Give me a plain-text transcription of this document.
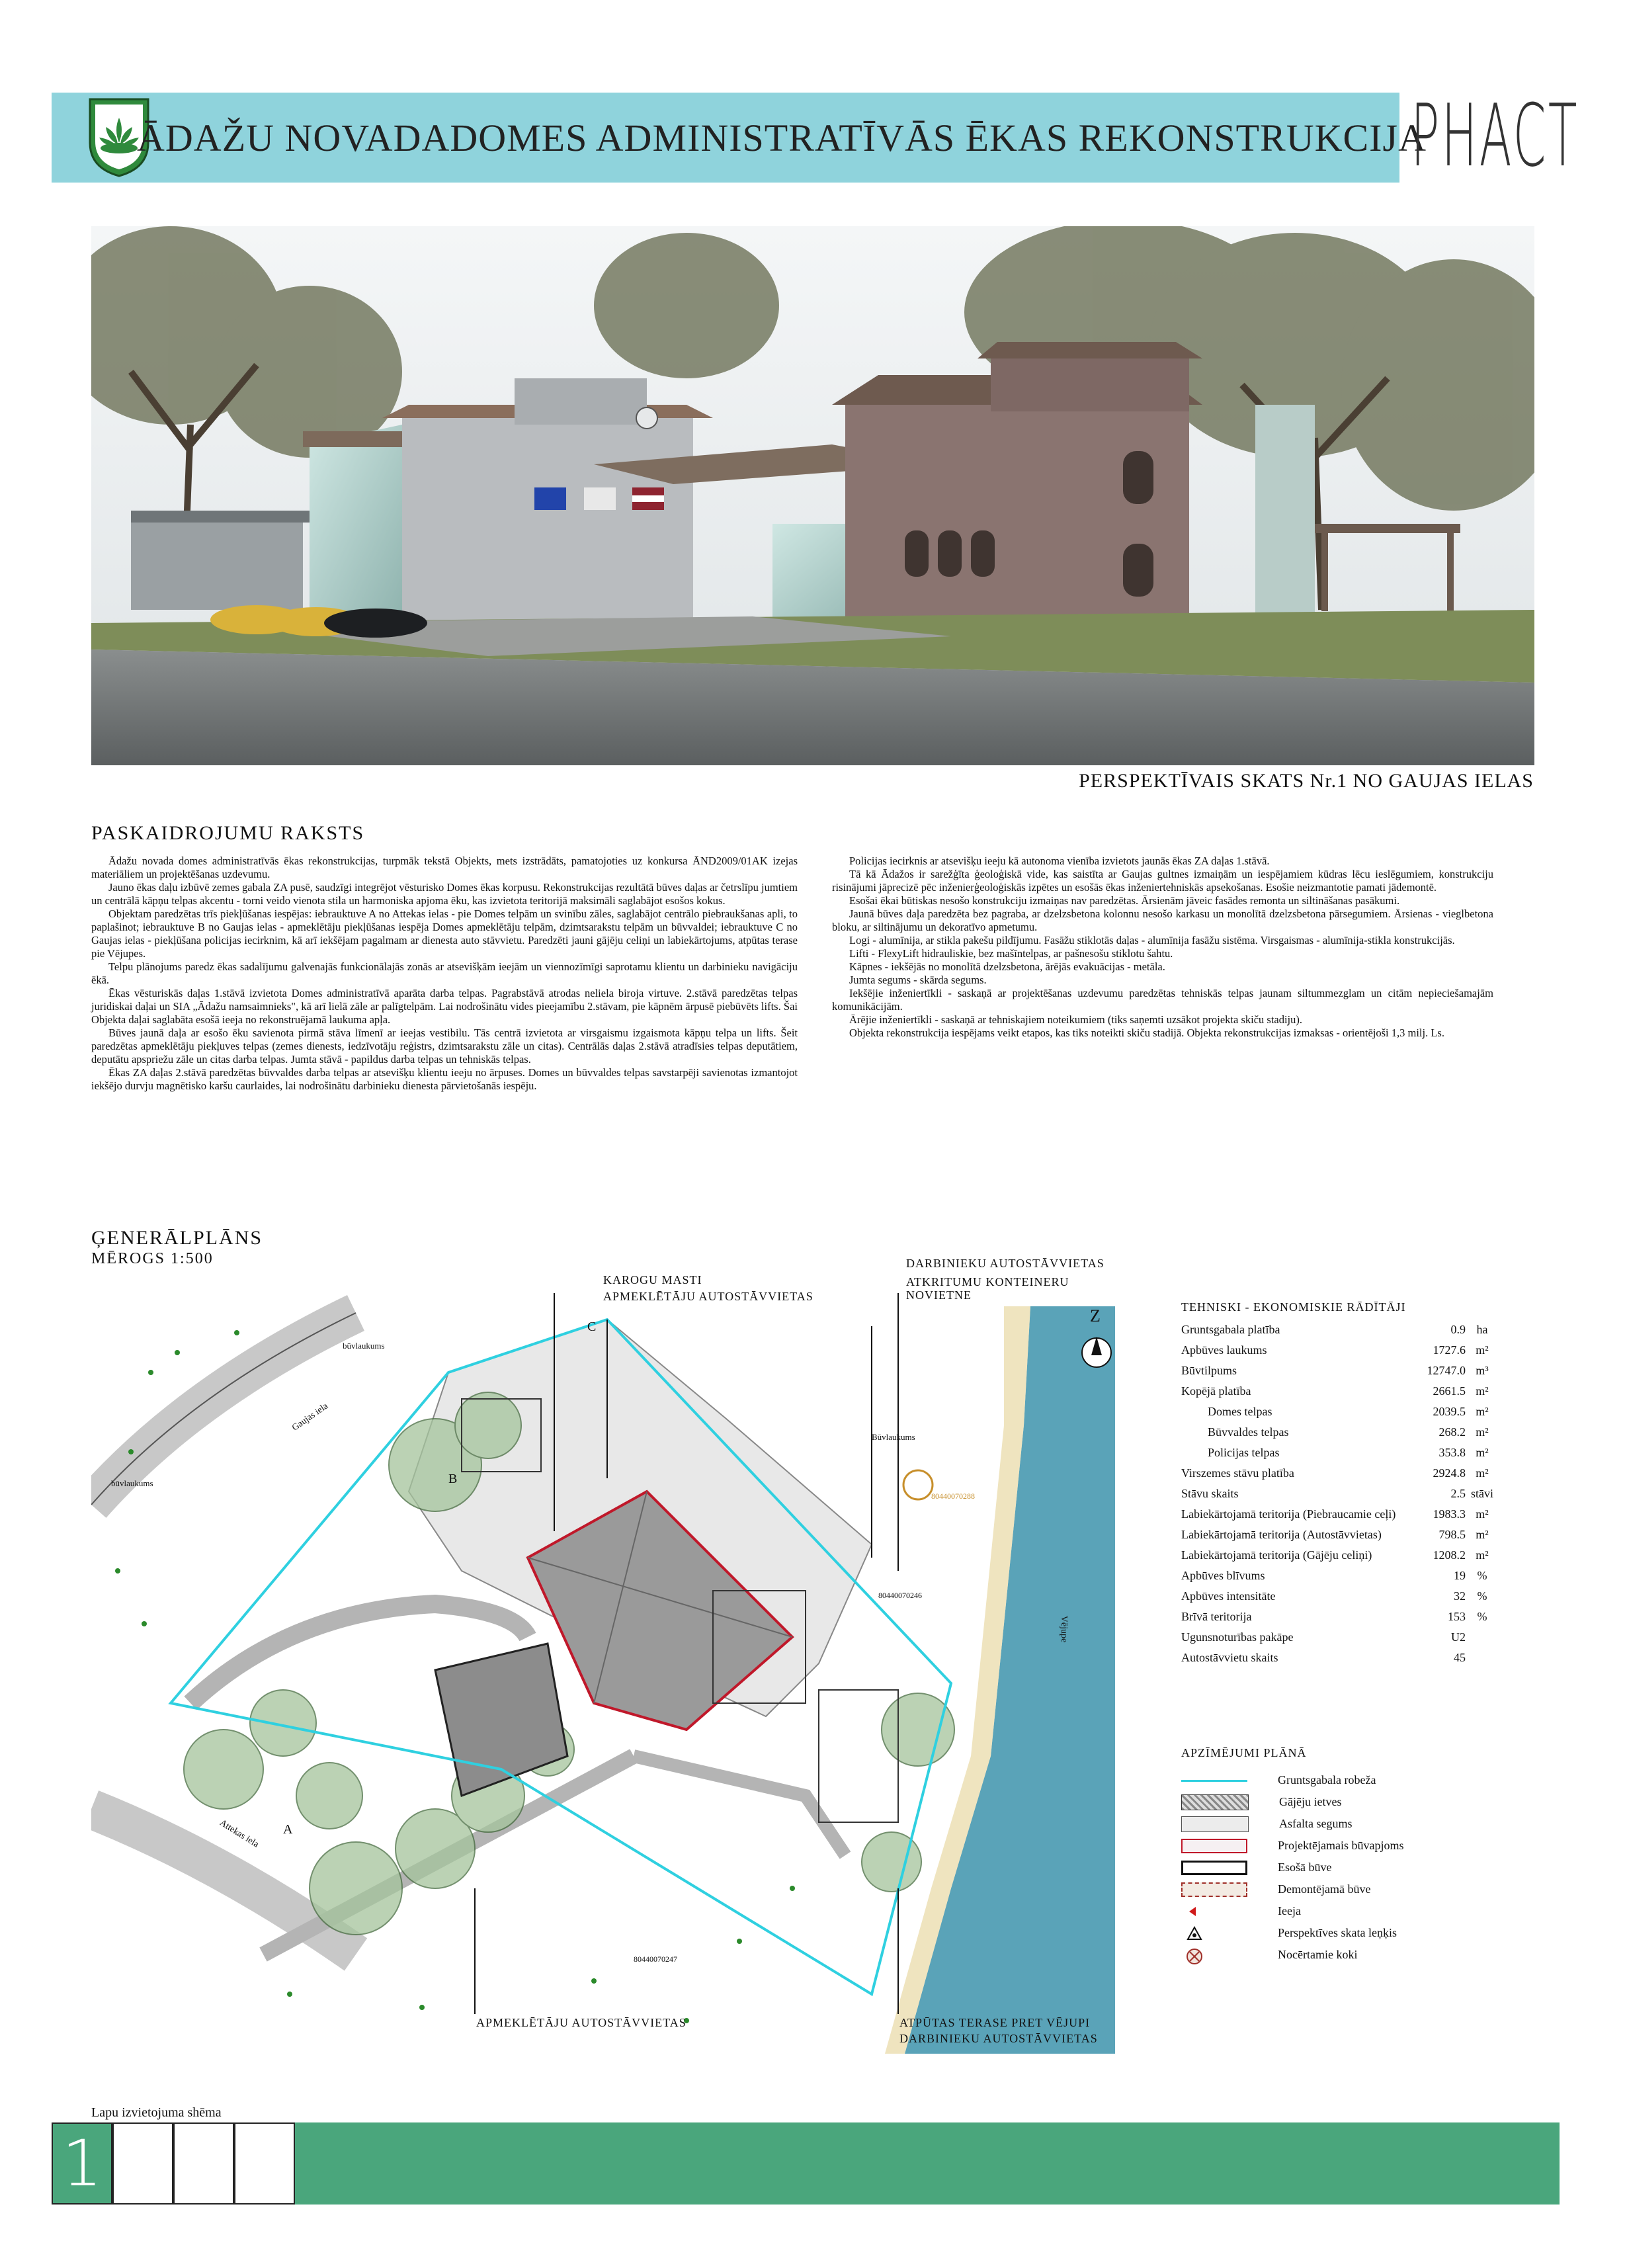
ĀDAŽU NOVADADOMES ADMINISTRATĪVĀS ĒKAS REKONSTRUKCIJA
PHACT
PERSPEKTĪVAIS SKATS Nr.1 NO GAUJAS IELAS
PASKAIDROJUMU RAKSTS

Ādažu novada domes administratīvās ēkas rekonstrukcijas, turpmāk tekstā Objekts, mets izstrādāts, pamatojoties uz konkursa ĀND2009/01AK izejas materiāliem un projektēšanas uzdevumu.

Jauno ēkas daļu izbūvē zemes gabala ZA pusē, saudzīgi integrējot vēsturisko Domes ēkas korpusu. Rekonstrukcijas rezultātā būves daļas ar četrslīpu jumtiem un centrālā kāpņu telpas akcentu - torni veido vienota stila un harmoniska apjoma ēku, kas izvietota teritorijā maksimāli saglabājot esošos kokus.

Objektam paredzētas trīs piekļūšanas iespējas: iebrauktuve A no Attekas ielas - pie Domes telpām un svinību zāles, saglabājot centrālo piebraukšanas apli, to paplašinot; iebrauktuve B no Gaujas ielas - apmeklētāju piekļūšanas iespēja Domes apmeklētāju telpām, dzimtsarakstu telpām un būvvaldei; iebrauktuve C no Gaujas ielas - piekļūšana policijas iecirknim, kā arī iekšējam pagalmam ar dienesta auto stāvvietu. Paredzēti jauni gājēju celiņi un labiekārtojums, atpūtas terase pie Vējupes.

Telpu plānojums paredz ēkas sadalījumu galvenajās funkcionālajās zonās ar atsevišķām ieejām un viennozīmīgi saprotamu klientu un darbinieku navigāciju ēkā.

Ēkas vēsturiskās daļas 1.stāvā izvietota Domes administratīvā aparāta darba telpas. Pagrabstāvā atrodas neliela biroja virtuve. 2.stāvā paredzētas telpas juridiskai daļai un SIA „Ādažu namsaimnieks", kā arī lielā zāle ar palīgtelpām. Lai nodrošinātu vides pieejamību 2.stāvam, pie kāpnēm ārpusē piebūvēts lifts. Šai Objekta daļai saglabāta esošā ieeja no rekonstruējamā laukuma apļa.

Būves jaunā daļa ar esošo ēku savienota pirmā stāva līmenī ar ieejas vestibilu. Tās centrā izvietota ar virsgaismu izgaismota kāpņu telpa un lifts. Šeit paredzētas apmeklētāju piekļuves telpas (zemes dienests, iedzīvotāju reģistrs, dzimtsarakstu zāle un citas). Centrālās daļas 2.stāvā atradīsies telpas deputātiem, deputātu apspriežu zāle un citas darba telpas. Jumta stāvā - papildus darba telpas un tehniskās telpas.

Ēkas ZA daļas 2.stāvā paredzētas būvvaldes darba telpas ar atsevišķu klientu ieeju no ārpuses. Domes un būvvaldes telpas savstarpēji savienotas izmantojot iekšējo durvju magnētisko karšu caurlaides, lai nodrošinātu darbinieku dienesta pārvietošanās iespēju.

Policijas iecirknis ar atsevišķu ieeju kā autonoma vienība izvietots jaunās ēkas ZA daļas 1.stāvā.

Tā kā Ādažos ir sarežģīta ģeoloģiskā vide, kas saistīta ar Gaujas gultnes izmaiņām un iespējamiem kūdras lēcu ieslēgumiem, konstrukciju risinājumi jāprecizē pēc inženierģeoloģiskās izpētes un esošās ēkas inženiertehniskās apsekošanas. Esošie neizmantotie pamati jādemontē.

Esošai ēkai būtiskas nesošo konstrukciju izmaiņas nav paredzētas. Ārsienām jāveic fasādes remonta un siltināšanas pasākumi.

Jaunā būves daļa paredzēta bez pagraba, ar dzelzsbetona kolonnu nesošo karkasu un monolītā dzelzsbetona pārsegumiem. Ārsienas - vieglbetona bloku, ar siltinājumu un dekoratīvo apmetumu.

Logi - alumīnija, ar stikla pakešu pildījumu. Fasāžu stiklotās daļas - alumīnija fasāžu sistēma. Virsgaismas - alumīnija-stikla konstrukcijās.

Lifti - FlexyLift hidrauliskie, bez mašīntelpas, ar pašnesošu stiklotu šahtu.

Kāpnes - iekšējās no monolītā dzelzsbetona, ārējās evakuācijas - metāla.

Jumta segums - skārda segums.

Iekšējie inženiertīkli - saskaņā ar projektēšanas uzdevumu paredzētas tehniskās telpas jaunam siltummezglam un citām nepieciešamajām komunikācijām.

Ārējie inženiertīkli - saskaņā ar tehniskajiem noteikumiem (tiks saņemti uzsākot projekta skiču stadiju).

Objekta rekonstrukcija iespējams veikt etapos, kas tiks noteikti skiču stadijā. Objekta rekonstrukcijas izmaksas - orientējoši 1,3 milj. Ls.

ĢENERĀLPLĀNS
MĒROGS 1:500
Z
Gaujas iela
Attekas iela
Vējupe
būvlaukums
būvlaukums
Būvlaukums
80440070247
80440070246
80440070288
A
B
C
KAROGU MASTI
APMEKLĒTĀJU AUTOSTĀVVIETAS
DARBINIEKU AUTOSTĀVVIETAS
ATKRITUMU KONTEINERU
NOVIETNE
APMEKLĒTĀJU AUTOSTĀVVIETAS	ATPŪTAS TERASE PRET VĒJUPI
DARBINIEKU AUTOSTĀVVIETAS
TEHNISKI - EKONOMISKIE RĀDĪTĀJI
Gruntsgabala platība	0.9 ha
Apbūves laukums	1727.6 m²
Būvtilpums	12747.0 m³
Kopējā platība	2661.5 m²
Domes telpas	2039.5 m²
Būvvaldes telpas	268.2 m²
Policijas telpas	353.8 m²
Virszemes stāvu platība	2924.8 m²
Stāvu skaits	2.5 stāvi
Labiekārtojamā teritorija (Piebraucamie ceļi)	1983.3 m²
Labiekārtojamā teritorija (Autostāvvietas)	798.5 m²
Labiekārtojamā teritorija (Gājēju celiņi)	1208.2 m²
Apbūves blīvums	19 %
Apbūves intensitāte	32 %
Brīvā teritorija	153 %
Ugunsnoturības pakāpe	U2
Autostāvvietu skaits	45
APZĪMĒJUMI PLĀNĀ
Gruntsgabala robeža
Gājēju ietves
Asfalta segums
Projektējamais būvapjoms
Esošā būve
Demontējamā būve
Ieeja
Perspektīves skata leņķis
Nocērtamie koki
Lapu izvietojuma shēma
1
